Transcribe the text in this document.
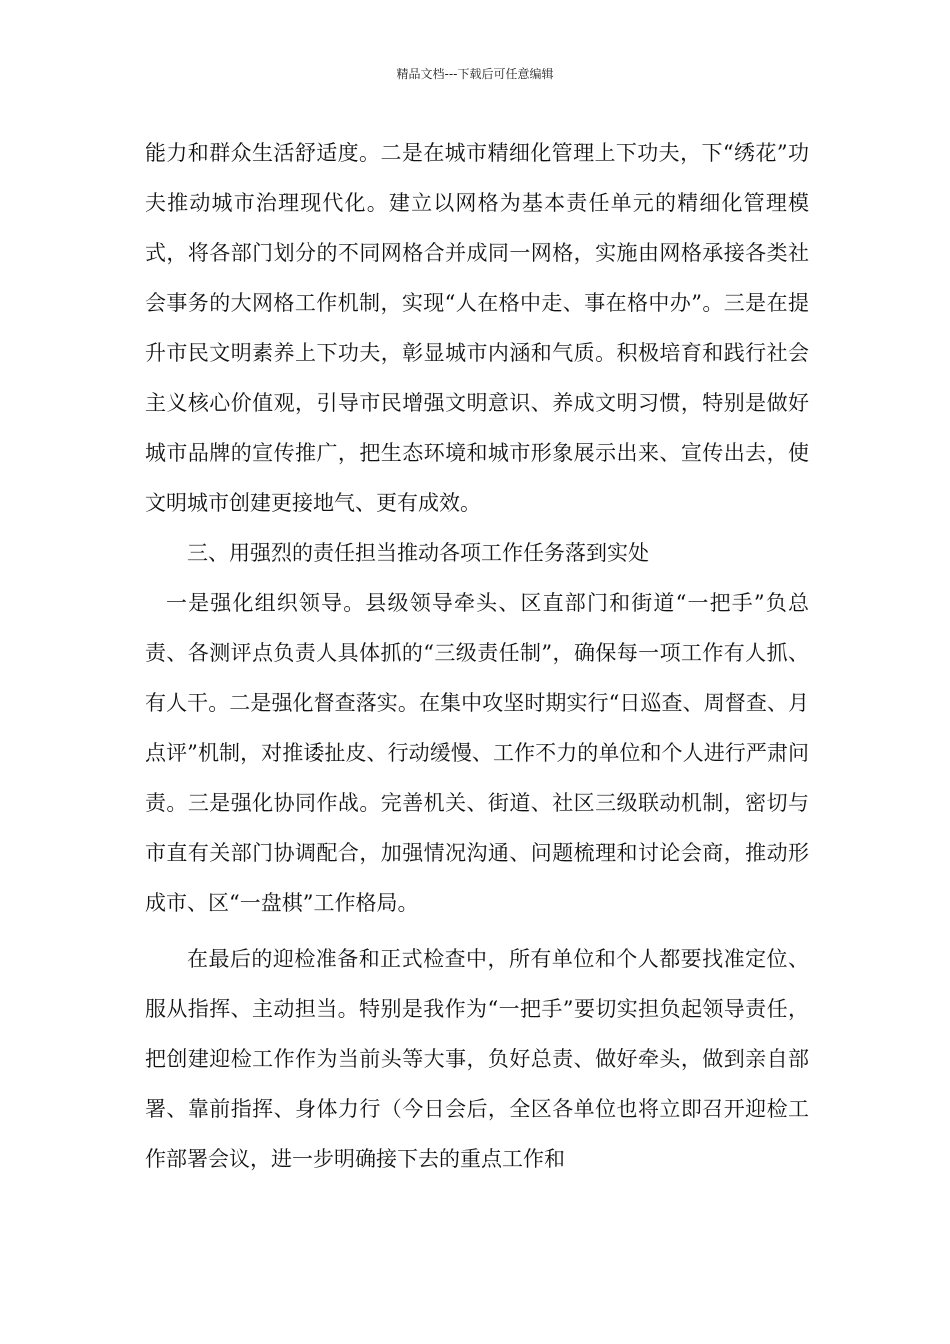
精品文档---下载后可任意编辑

能力和群众生活舒适度。二是在城市精细化管理上下功夫，下“绣花”功夫推动城市治理现代化。建立以网格为基本责任单元的精细化管理模式，将各部门划分的不同网格合并成同一网格，实施由网格承接各类社会事务的大网格工作机制，实现“人在格中走、事在格中办”。三是在提升市民文明素养上下功夫，彰显城市内涵和气质。积极培育和践行社会主义核心价值观，引导市民增强文明意识、养成文明习惯，特别是做好城市品牌的宣传推广，把生态环境和城市形象展示出来、宣传出去，使文明城市创建更接地气、更有成效。

三、用强烈的责任担当推动各项工作任务落到实处

一是强化组织领导。县级领导牵头、区直部门和街道“一把手”负总责、各测评点负责人具体抓的“三级责任制”，确保每一项工作有人抓、有人干。二是强化督查落实。在集中攻坚时期实行“日巡查、周督查、月点评”机制，对推诿扯皮、行动缓慢、工作不力的单位和个人进行严肃问责。三是强化协同作战。完善机关、街道、社区三级联动机制，密切与市直有关部门协调配合，加强情况沟通、问题梳理和讨论会商，推动形成市、区“一盘棋”工作格局。

在最后的迎检准备和正式检查中，所有单位和个人都要找准定位、服从指挥、主动担当。特别是我作为“一把手”要切实担负起领导责任，把创建迎检工作作为当前头等大事，负好总责、做好牵头，做到亲自部署、靠前指挥、身体力行（今日会后，全区各单位也将立即召开迎检工作部署会议，进一步明确接下去的重点工作和
